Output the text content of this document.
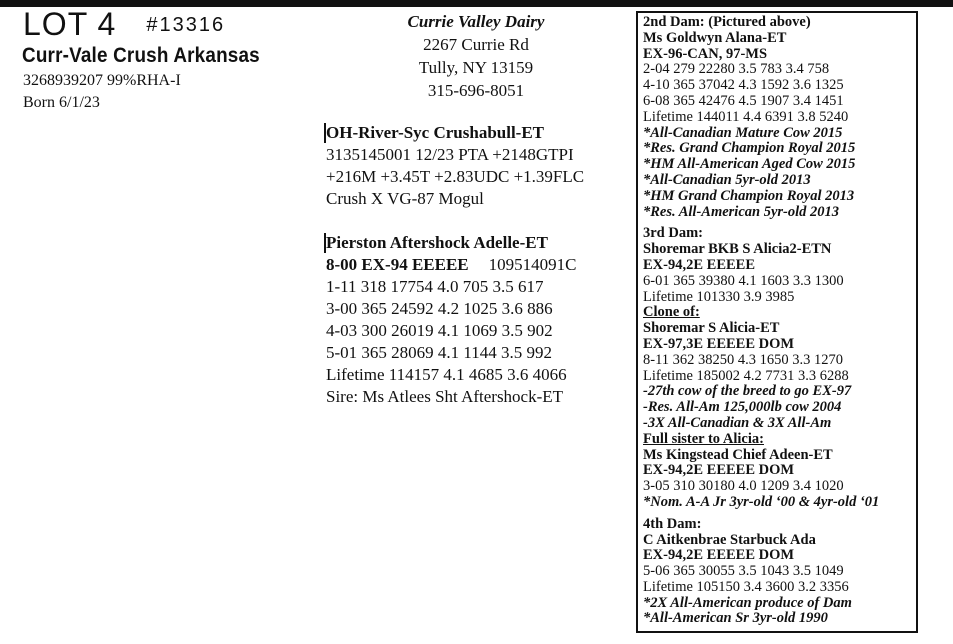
LOT 4 #13316
Curr-Vale Crush Arkansas
3268939207 99%RHA-I
Born 6/1/23
Currie Valley Dairy
2267 Currie Rd
Tully, NY 13159
315-696-8051
OH-River-Syc Crushabull-ET
3135145001 12/23 PTA +2148GTPI
+216M +3.45T +2.83UDC +1.39FLC
Crush X VG-87 Mogul
Pierston Aftershock Adelle-ET
8-00 EX-94 EEEEE 109514091C
1-11 318 17754 4.0 705 3.5 617
3-00 365 24592 4.2 1025 3.6 886
4-03 300 26019 4.1 1069 3.5 902
5-01 365 28069 4.1 1144 3.5 992
Lifetime 114157 4.1 4685 3.6 4066
Sire: Ms Atlees Sht Aftershock-ET
2nd Dam: (Pictured above)
Ms Goldwyn Alana-ET
EX-96-CAN, 97-MS
2-04 279 22280 3.5 783 3.4 758
4-10 365 37042 4.3 1592 3.6 1325
6-08 365 42476 4.5 1907 3.4 1451
Lifetime 144011 4.4 6391 3.8 5240
*All-Canadian Mature Cow 2015
*Res. Grand Champion Royal 2015
*HM All-American Aged Cow 2015
*All-Canadian 5yr-old 2013
*HM Grand Champion Royal 2013
*Res. All-American 5yr-old 2013
3rd Dam:
Shoremar BKB S Alicia2-ETN
EX-94,2E EEEEE
6-01 365 39380 4.1 1603 3.3 1300
Lifetime 101330 3.9 3985
Clone of:
Shoremar S Alicia-ET
EX-97,3E EEEEE DOM
8-11 362 38250 4.3 1650 3.3 1270
Lifetime 185002 4.2 7731 3.3 6288
-27th cow of the breed to go EX-97
-Res. All-Am 125,000lb cow 2004
-3X All-Canadian & 3X All-Am
Full sister to Alicia:
Ms Kingstead Chief Adeen-ET
EX-94,2E EEEEE DOM
3-05 310 30180 4.0 1209 3.4 1020
*Nom. A-A Jr 3yr-old ‘00 & 4yr-old ‘01
4th Dam:
C Aitkenbrae Starbuck Ada
EX-94,2E EEEEE DOM
5-06 365 30055 3.5 1043 3.5 1049
Lifetime 105150 3.4 3600 3.2 3356
*2X All-American produce of Dam
*All-American Sr 3yr-old 1990
